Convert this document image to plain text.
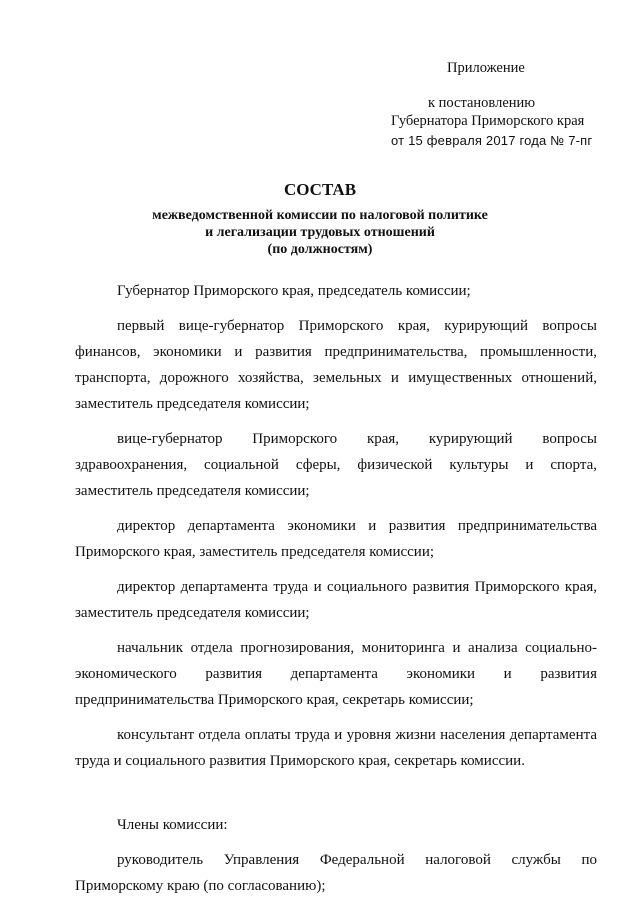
Приложение
к постановлению
Губернатора Приморского края
от 15 февраля 2017 года № 7-пг
СОСТАВ
межведомственной комиссии по налоговой политике
и легализации трудовых отношений
(по должностям)

Губернатор Приморского края, председатель комиссии;

первый вице-губернатор Приморского края, курирующий вопросы финансов, экономики и развития предпринимательства, промышленности, транспорта, дорожного хозяйства, земельных и имущественных отношений, заместитель председателя комиссии;

вице-губернатор Приморского края, курирующий вопросы здравоохранения, социальной сферы, физической культуры и спорта, заместитель председателя комиссии;

директор департамента экономики и развития предпринимательства Приморского края, заместитель председателя комиссии;

директор департамента труда и социального развития Приморского края, заместитель председателя комиссии;

начальник отдела прогнозирования, мониторинга и анализа социально-экономического развития департамента экономики и развития предпринимательства Приморского края, секретарь комиссии;

консультант отдела оплаты труда и уровня жизни населения департамента труда и социального развития Приморского края, секретарь комиссии.

Члены комиссии:

руководитель Управления Федеральной налоговой службы по Приморскому краю (по согласованию);
